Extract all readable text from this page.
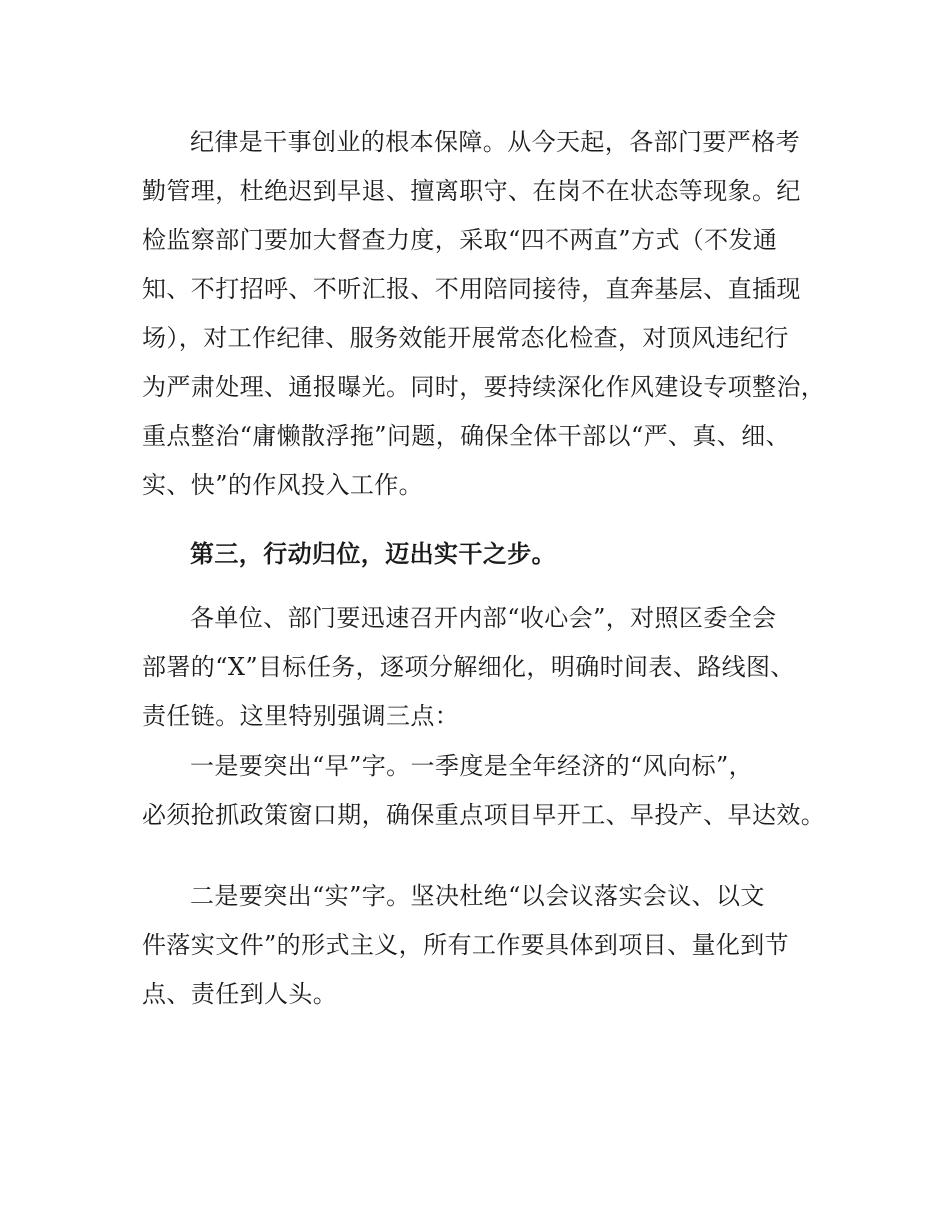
纪律是干事创业的根本保障。从今天起，各部门要严格考
勤管理，杜绝迟到早退、擅离职守、在岗不在状态等现象。纪
检监察部门要加大督查力度，采取“四不两直”方式（不发通
知、不打招呼、不听汇报、不用陪同接待，直奔基层、直插现
场），对工作纪律、服务效能开展常态化检查，对顶风违纪行
为严肃处理、通报曝光。同时，要持续深化作风建设专项整治，
重点整治“庸懒散浮拖”问题，确保全体干部以“严、真、细、
实、快”的作风投入工作。
第三，行动归位，迈出实干之步。
各单位、部门要迅速召开内部“收心会”，对照区委全会
部署的“X”目标任务，逐项分解细化，明确时间表、路线图、
责任链。这里特别强调三点：
一是要突出“早”字。一季度是全年经济的“风向标”，
必须抢抓政策窗口期，确保重点项目早开工、早投产、早达效。
二是要突出“实”字。坚决杜绝“以会议落实会议、以文
件落实文件”的形式主义，所有工作要具体到项目、量化到节
点、责任到人头。
